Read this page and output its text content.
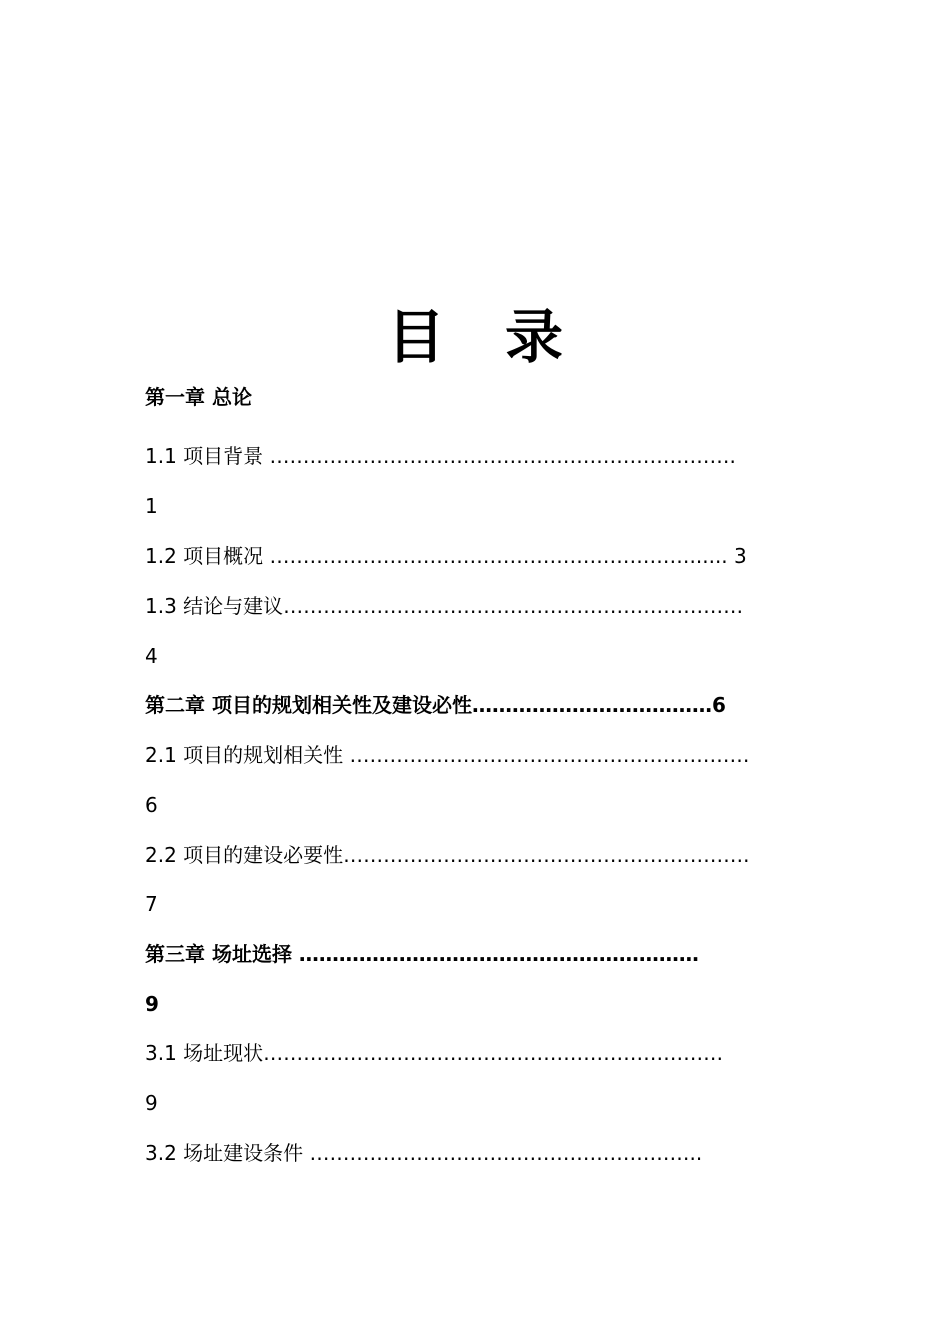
目 录
第一章 总论
1.1 项目背景 …………………………………………………………….
1
1.2 项目概况 ………………………………………………………...... 3
1.3 结论与建议……………………………………………………………
4
第二章 项目的规划相关性及建设必性………………………………6
2.1 项目的规划相关性 ……………………………………………………
6
2.2 项目的建设必要性…………………………………………………….
7
第三章 场址选择 ……………………………………………………
9
3.1 场址现状……………………………………………………………
9
3.2 场址建设条件 …………………………………………………..
